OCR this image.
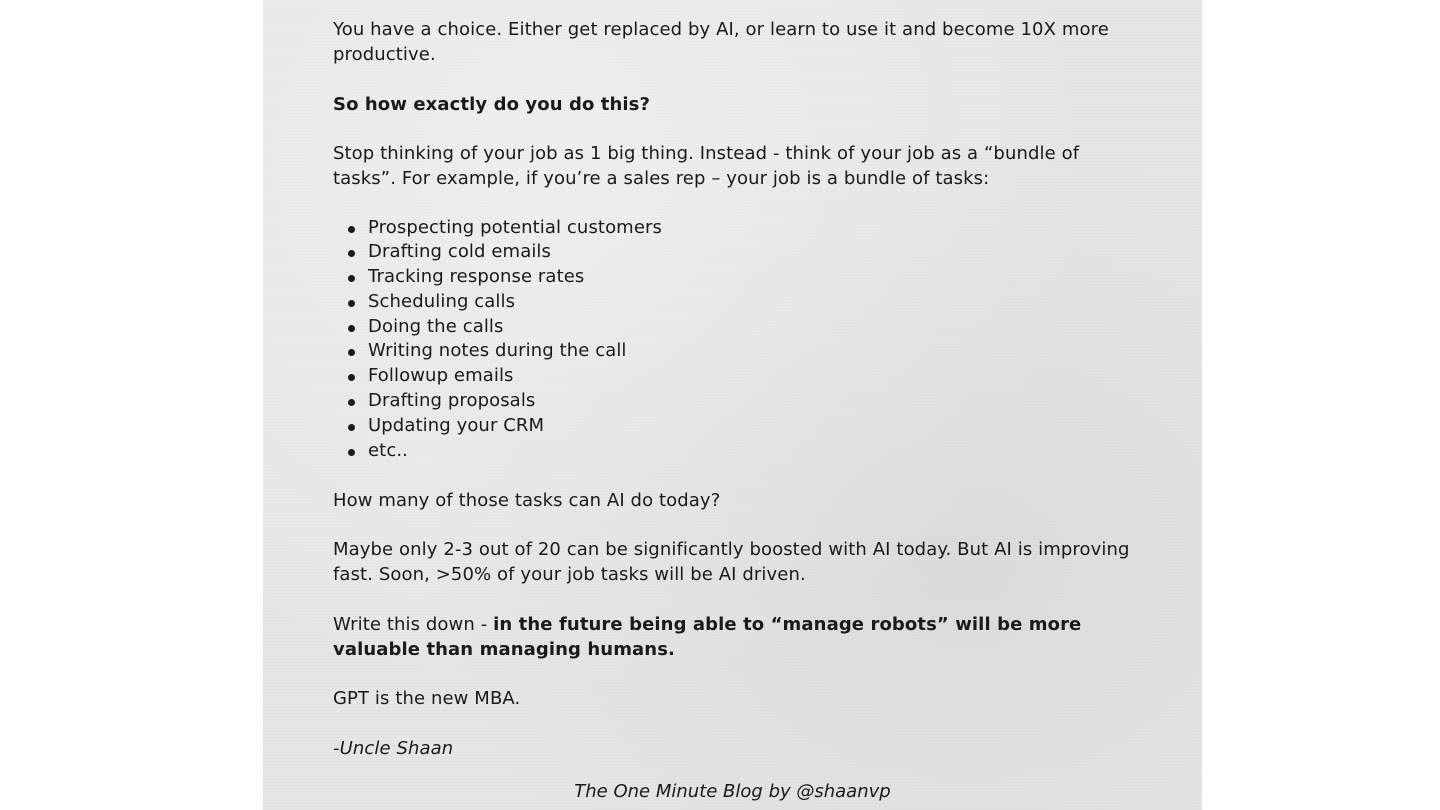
You have a choice. Either get replaced by AI, or learn to use it and become 10X more productive.

So how exactly do you do this?

Stop thinking of your job as 1 big thing. Instead - think of your job as a “bundle of tasks”. For example, if you’re a sales rep – your job is a bundle of tasks:

Prospecting potential customers
Drafting cold emails
Tracking response rates
Scheduling calls
Doing the calls
Writing notes during the call
Followup emails
Drafting proposals
Updating your CRM
etc..

How many of those tasks can AI do today?

Maybe only 2-3 out of 20 can be significantly boosted with AI today. But AI is improving fast. Soon, >50% of your job tasks will be AI driven.

Write this down - in the future being able to “manage robots” will be more valuable than managing humans.

GPT is the new MBA.

-Uncle Shaan

The One Minute Blog by @shaanvp
